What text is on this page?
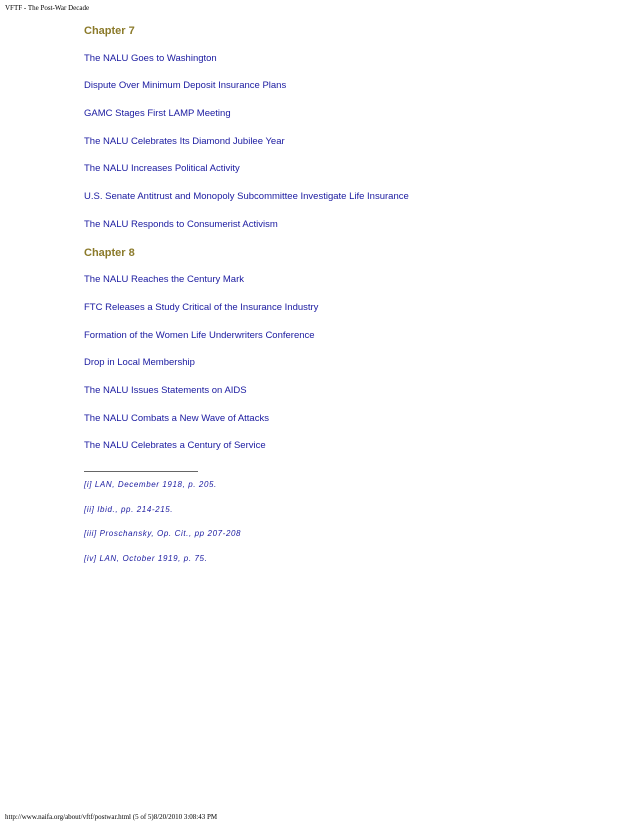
VFTF - The Post-War Decade
Chapter 7
The NALU Goes to Washington
Dispute Over Minimum Deposit Insurance Plans
GAMC Stages First LAMP Meeting
The NALU Celebrates Its Diamond Jubilee Year
The NALU Increases Political Activity
U.S. Senate Antitrust and Monopoly Subcommittee Investigate Life Insurance
The NALU Responds to Consumerist Activism
Chapter 8
The NALU Reaches the Century Mark
FTC Releases a Study Critical of the Insurance Industry
Formation of the Women Life Underwriters Conference
Drop in Local Membership
The NALU Issues Statements on AIDS
The NALU Combats a New Wave of Attacks
The NALU Celebrates a Century of Service
[i] LAN, December 1918, p. 205.
[ii] Ibid., pp. 214-215.
[iii] Proschansky, Op. Cit., pp 207-208
[iv] LAN, October 1919, p. 75.
http://www.naifa.org/about/vftf/postwar.html (5 of 5)8/20/2010 3:08:43 PM
